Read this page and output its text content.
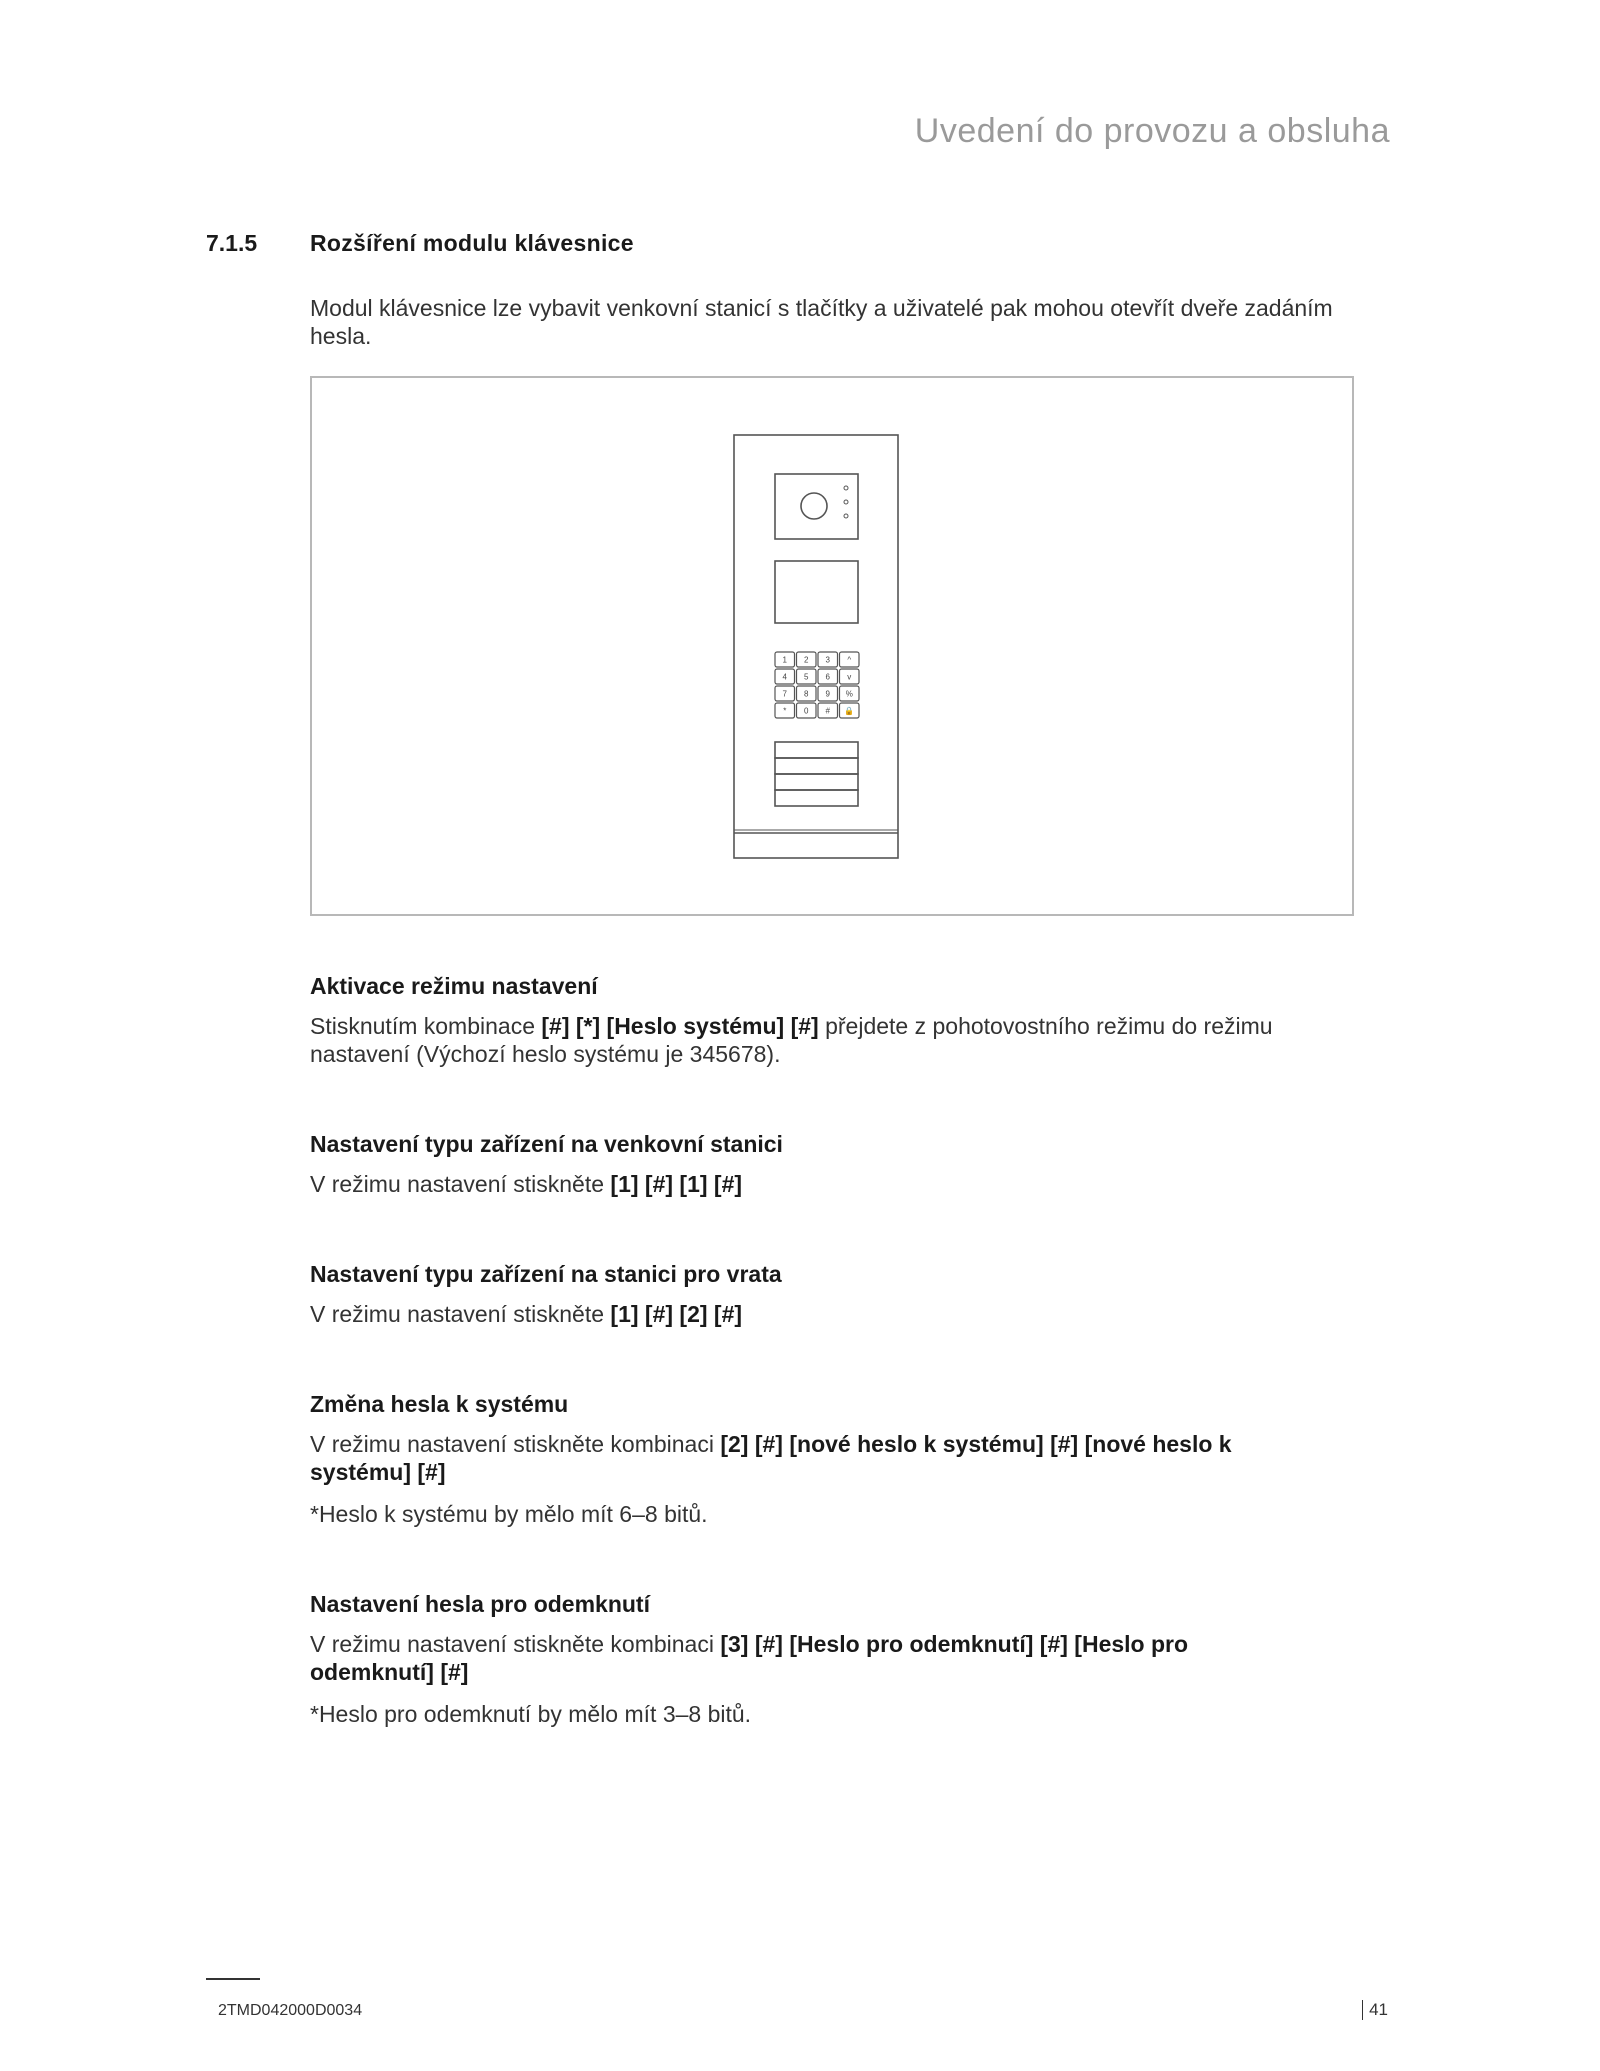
Uvedení do provozu a obsluha
7.1.5 Rozšíření modulu klávesnice
Modul klávesnice lze vybavit venkovní stanicí s tlačítky a uživatelé pak mohou otevřít dveře zadáním hesla.
1 2 3 ^
4 5 6 v
7 8 9 %
* 0 # 🔒
Aktivace režimu nastavení

Stisknutím kombinace [#] [*] [Heslo systému] [#] přejdete z pohotovostního režimu do režimu nastavení (Výchozí heslo systému je 345678).

Nastavení typu zařízení na venkovní stanici

V režimu nastavení stiskněte [1] [#] [1] [#]

Nastavení typu zařízení na stanici pro vrata

V režimu nastavení stiskněte [1] [#] [2] [#]

Změna hesla k systému

V režimu nastavení stiskněte kombinaci [2] [#] [nové heslo k systému] [#] [nové heslo k systému] [#]

*Heslo k systému by mělo mít 6–8 bitů.

Nastavení hesla pro odemknutí

V režimu nastavení stiskněte kombinaci [3] [#] [Heslo pro odemknutí] [#] [Heslo pro odemknutí] [#]

*Heslo pro odemknutí by mělo mít 3–8 bitů.

2TMD042000D0034	41
